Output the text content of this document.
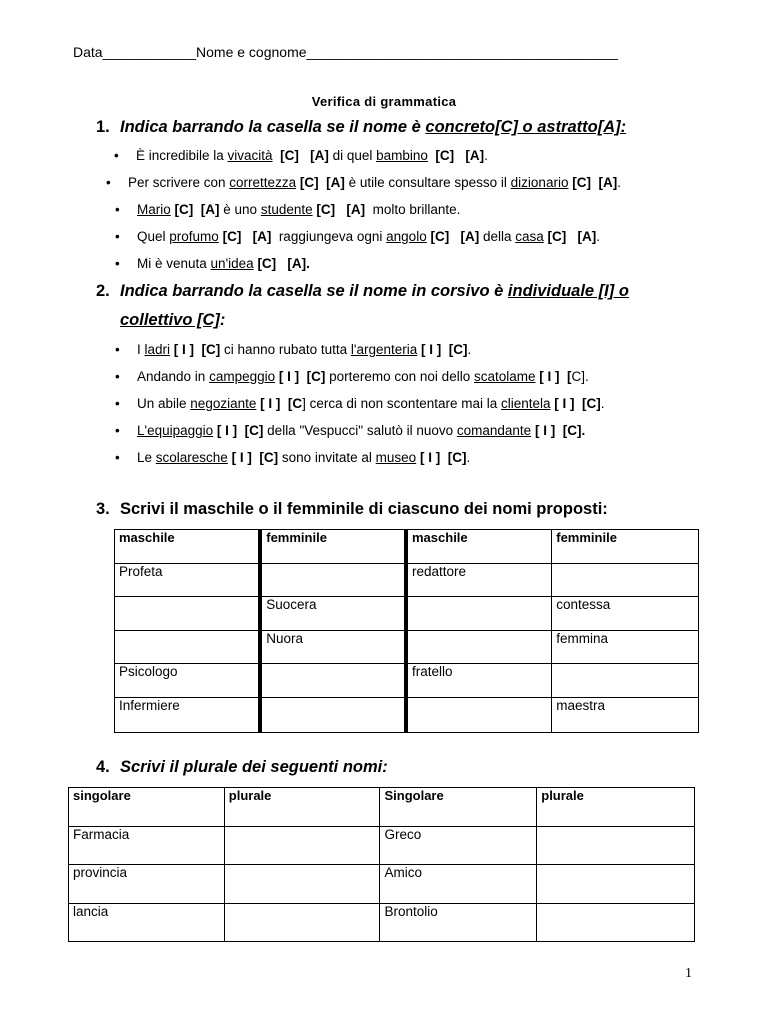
Data____________Nome e cognome________________________________________
Verifica di grammatica
1. Indica barrando la casella se il nome è concreto[C] o astratto[A]:
• È incredibile la vivacità [C]   [A] di quel bambino [C]   [A].
• Per scrivere con correttezza [C]  [A] è utile consultare spesso il dizionario [C]  [A].
• Mario [C]  [A] è uno studente [C]   [A]  molto brillante.
• Quel profumo [C]   [A]  raggiungeva ogni angolo [C]   [A] della casa [C]   [A].
• Mi è venuta un'idea [C]   [A].
2. Indica barrando la casella se il nome in corsivo è individuale [I] o
collettivo [C]:
• I ladri [ I ]  [C] ci hanno rubato tutta l'argenteria [ I ]  [C].
• Andando in campeggio [ I ]  [C] porteremo con noi dello scatolame [ I ]  [C].
• Un abile negoziante [ I ]  [C] cerca di non scontentare mai la clientela [ I ]  [C].
• L'equipaggio [ I ]  [C] della "Vespucci" salutò il nuovo comandante [ I ]  [C].
• Le scolaresche [ I ]  [C] sono invitate al museo [ I ]  [C].
3. Scrivi il maschile o il femminile di ciascuno dei nomi proposti:
maschile	femminile	maschile	femminile
Profeta		redattore	
	Suocera		contessa
	Nuora		femmina
Psicologo		fratello	
Infermiere			maestra
4. Scrivi il plurale dei seguenti nomi:
singolare	plurale	Singolare	plurale
Farmacia		Greco	
provincia		Amico	
lancia		Brontolio	
1
